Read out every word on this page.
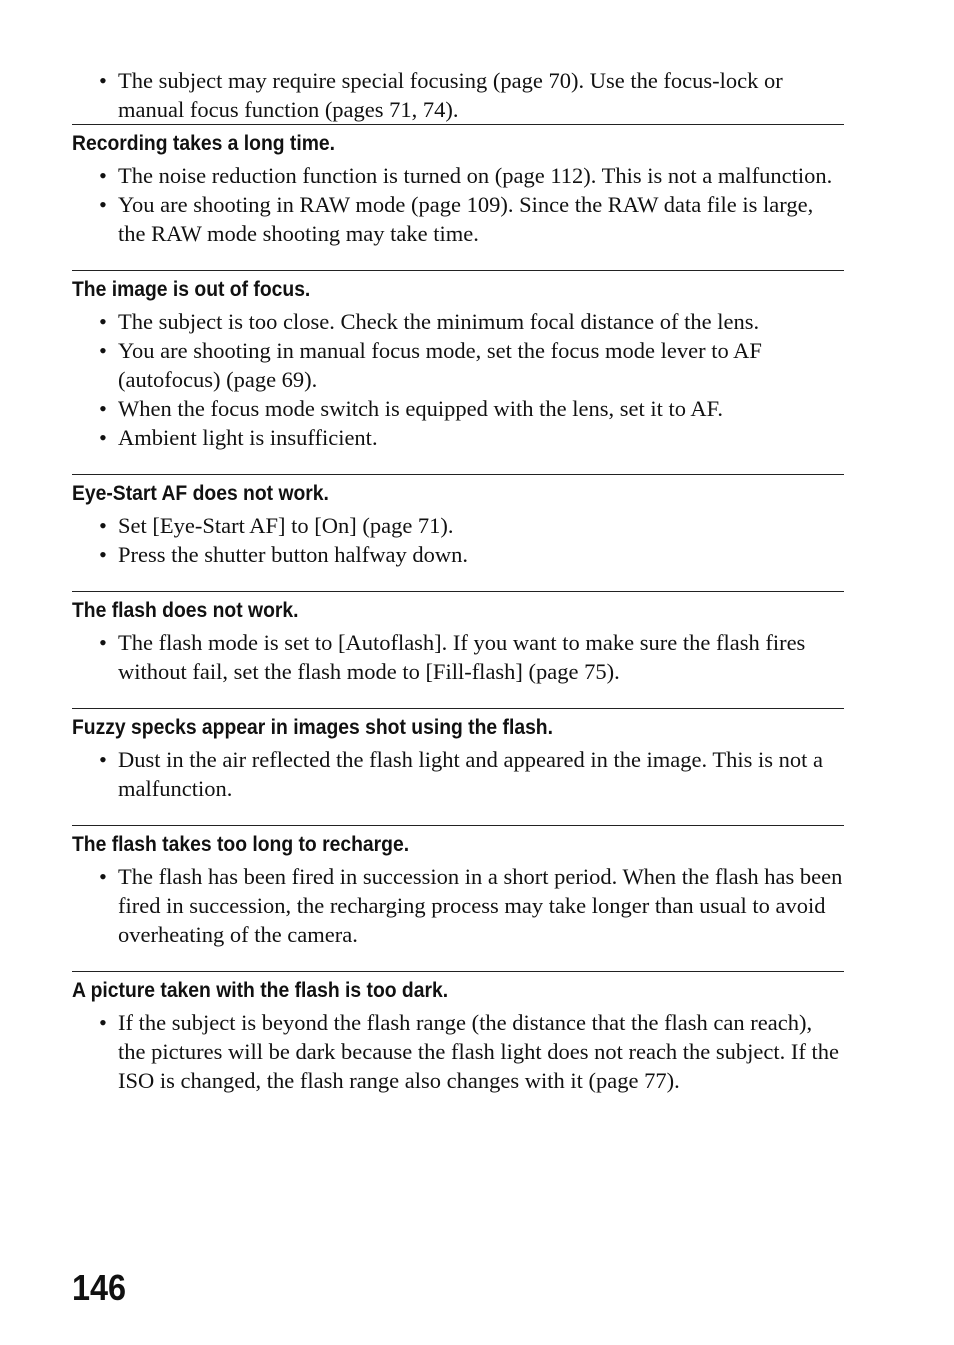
• The subject may require special focusing (page 70). Use the focus-lock or manual focus function (pages 71, 74).
Recording takes a long time.
• The noise reduction function is turned on (page 112). This is not a malfunction.
• You are shooting in RAW mode (page 109). Since the RAW data file is large, the RAW mode shooting may take time.
The image is out of focus.
• The subject is too close. Check the minimum focal distance of the lens.
• You are shooting in manual focus mode, set the focus mode lever to AF (autofocus) (page 69).
• When the focus mode switch is equipped with the lens, set it to AF.
• Ambient light is insufficient.
Eye-Start AF does not work.
• Set [Eye-Start AF] to [On] (page 71).
• Press the shutter button halfway down.
The flash does not work.
• The flash mode is set to [Autoflash]. If you want to make sure the flash fires without fail, set the flash mode to [Fill-flash] (page 75).
Fuzzy specks appear in images shot using the flash.
• Dust in the air reflected the flash light and appeared in the image. This is not a malfunction.
The flash takes too long to recharge.
• The flash has been fired in succession in a short period. When the flash has been fired in succession, the recharging process may take longer than usual to avoid overheating of the camera.
A picture taken with the flash is too dark.
• If the subject is beyond the flash range (the distance that the flash can reach), the pictures will be dark because the flash light does not reach the subject. If the ISO is changed, the flash range also changes with it (page 77).
146
